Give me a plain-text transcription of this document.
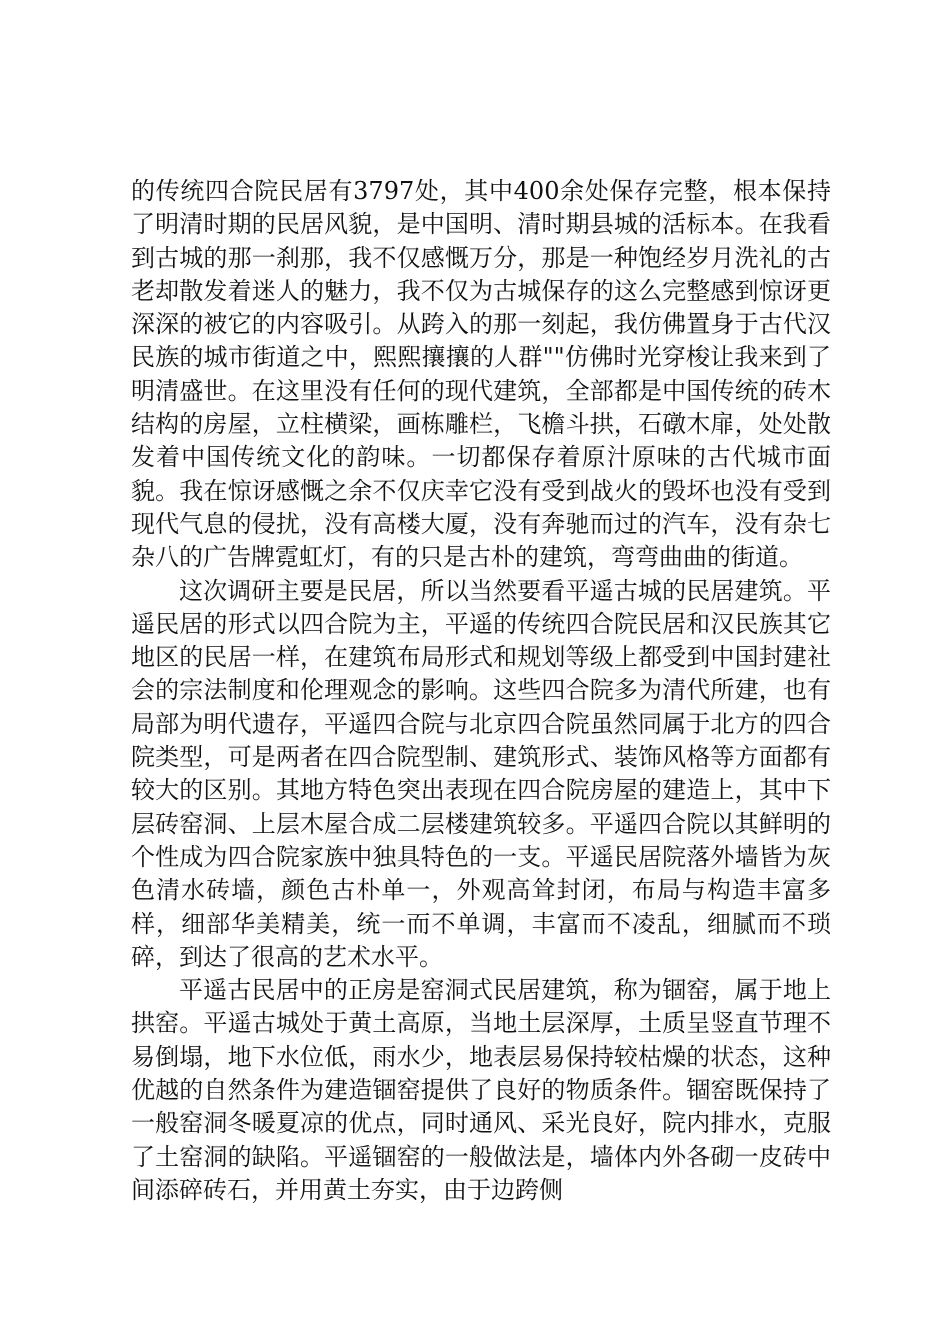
的传统四合院民居有3797处，其中400余处保存完整，根本保持了明清时期的民居风貌，是中国明、清时期县城的活标本。在我看到古城的那一刹那，我不仅感慨万分，那是一种饱经岁月洗礼的古老却散发着迷人的魅力，我不仅为古城保存的这么完整感到惊讶更深深的被它的内容吸引。从跨入的那一刻起，我仿佛置身于古代汉民族的城市街道之中，熙熙攘攘的人群""仿佛时光穿梭让我来到了明清盛世。在这里没有任何的现代建筑，全部都是中国传统的砖木结构的房屋，立柱横梁，画栋雕栏，飞檐斗拱，石礅木扉，处处散发着中国传统文化的韵味。一切都保存着原汁原味的古代城市面貌。我在惊讶感慨之余不仅庆幸它没有受到战火的毁坏也没有受到现代气息的侵扰，没有高楼大厦，没有奔驰而过的汽车，没有杂七杂八的广告牌霓虹灯，有的只是古朴的建筑，弯弯曲曲的街道。

这次调研主要是民居，所以当然要看平遥古城的民居建筑。平遥民居的形式以四合院为主，平遥的传统四合院民居和汉民族其它地区的民居一样，在建筑布局形式和规划等级上都受到中国封建社会的宗法制度和伦理观念的影响。这些四合院多为清代所建，也有局部为明代遗存，平遥四合院与北京四合院虽然同属于北方的四合院类型，可是两者在四合院型制、建筑形式、装饰风格等方面都有较大的区别。其地方特色突出表现在四合院房屋的建造上，其中下层砖窑洞、上层木屋合成二层楼建筑较多。平遥四合院以其鲜明的个性成为四合院家族中独具特色的一支。平遥民居院落外墙皆为灰色清水砖墙，颜色古朴单一，外观高耸封闭，布局与构造丰富多样，细部华美精美，统一而不单调，丰富而不凌乱，细腻而不琐碎，到达了很高的艺术水平。

平遥古民居中的正房是窑洞式民居建筑，称为锢窑，属于地上拱窑。平遥古城处于黄土高原，当地土层深厚，土质呈竖直节理不易倒塌，地下水位低，雨水少，地表层易保持较枯燥的状态，这种优越的自然条件为建造锢窑提供了良好的物质条件。锢窑既保持了一般窑洞冬暖夏凉的优点，同时通风、采光良好，院内排水，克服了土窑洞的缺陷。平遥锢窑的一般做法是，墙体内外各砌一皮砖中间添碎砖石，并用黄土夯实，由于边跨侧
